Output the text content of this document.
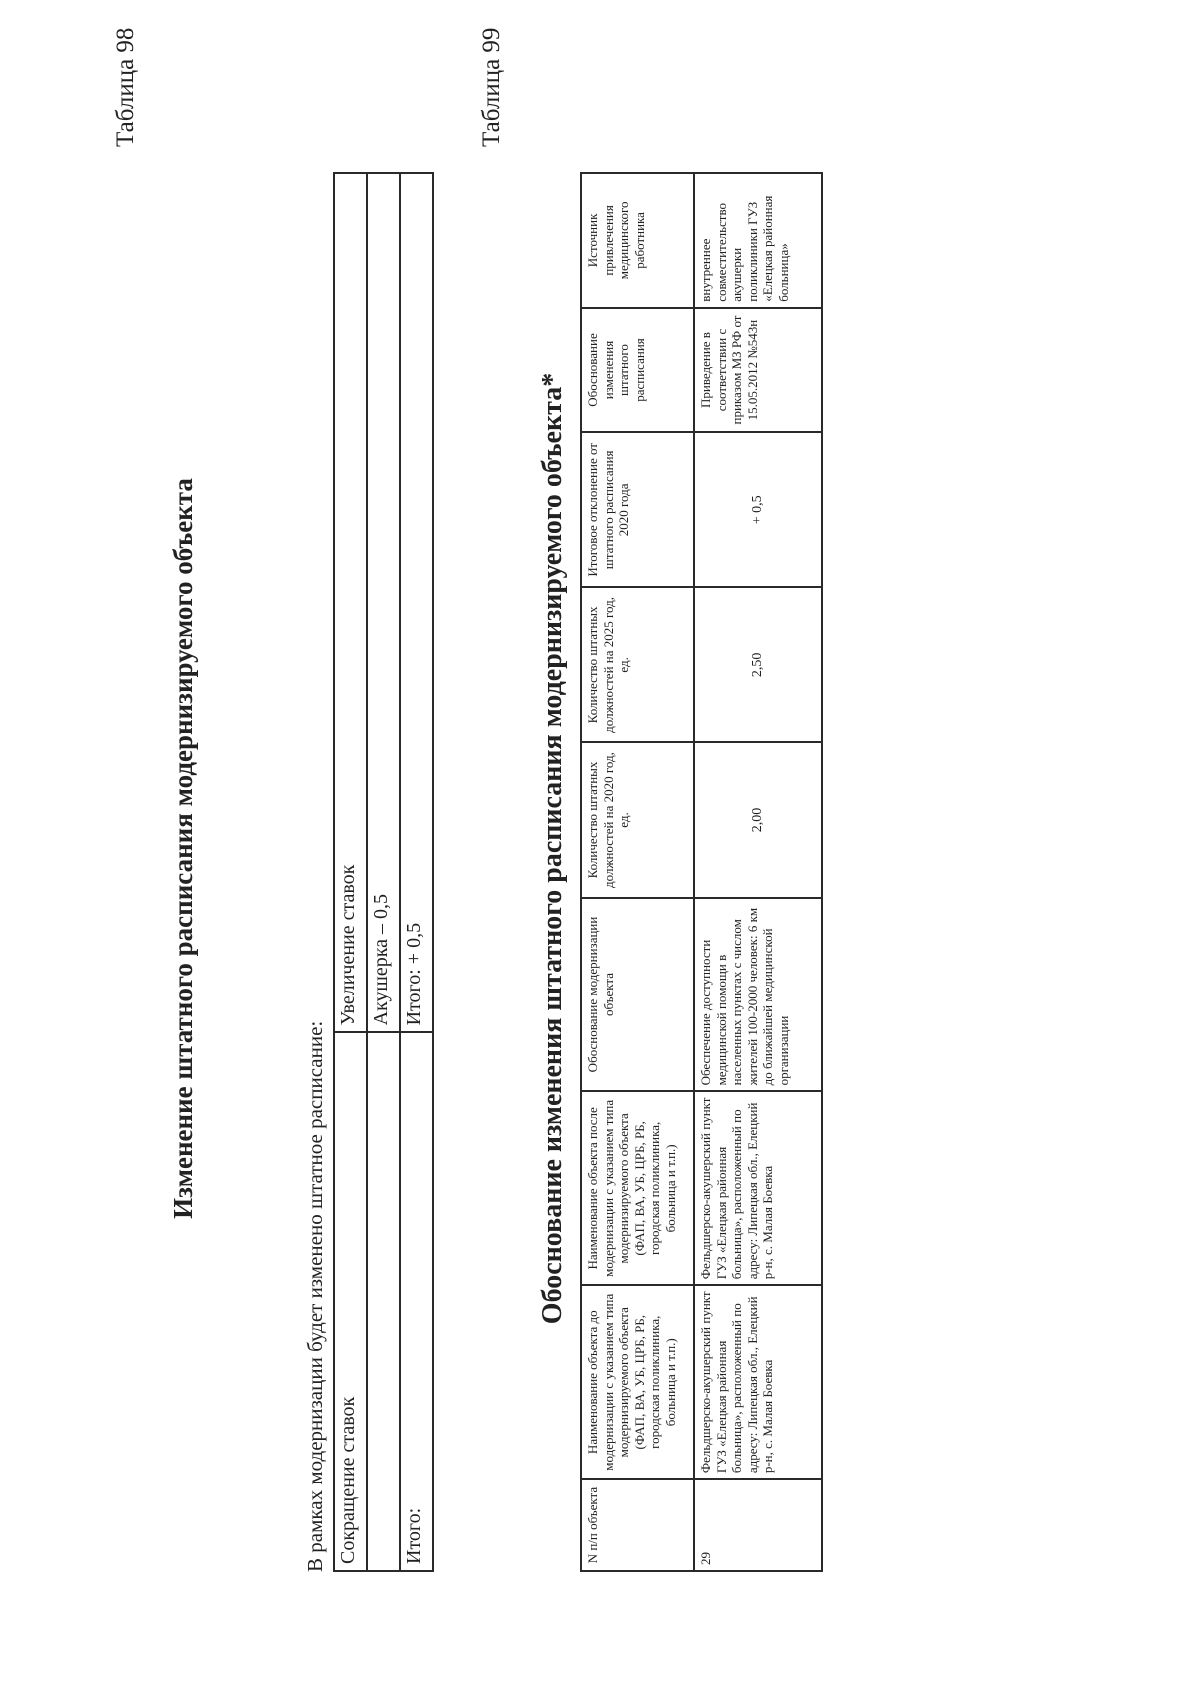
Таблица 98
Изменение штатного расписания модернизируемого объекта
В рамках модернизации будет изменено штатное расписание: Сокращение ставок	Увеличение ставок
	Акушерка – 0,5
Итого:	Итого: + 0,5
Таблица 99
Обоснование изменения штатного расписания модернизируемого объекта*
N п/п объекта	Наименование объекта до модернизации с указанием типа модернизируемого объекта (ФАП, ВА, УБ, ЦРБ, РБ, городская поликлиника, больница и т.п.)	Наименование объекта после модернизации с указанием типа модернизируемого объекта (ФАП, ВА, УБ, ЦРБ, РБ, городская поликлиника, больница и т.п.)	Обоснование модернизации объекта	Количество штатных должностей на 2020 год, ед.	Количество штатных должностей на 2025 год, ед.	Итоговое отклонение от штатного расписания 2020 года	Обоснование изменения штатного расписания	Источник привлечения медицинского работника
29	Фельдшерско-акушерский пункт ГУЗ «Елецкая районная больница», расположенный по адресу: Липецкая обл., Елецкий р-н, с. Малая Боевка	Фельдшерско-акушерский пункт ГУЗ «Елецкая районная больница», расположенный по адресу: Липецкая обл., Елецкий р-н, с. Малая Боевка	Обеспечение доступности медицинской помощи в населенных пунктах с числом жителей 100-2000 человек: 6 км до ближайшей медицинской организации	2,00	2,50	+ 0,5	Приведение в соответствии с приказом МЗ РФ от 15.05.2012 №543н	внутреннее совместительство акушерки поликлиники ГУЗ «Елецкая районная больница»
